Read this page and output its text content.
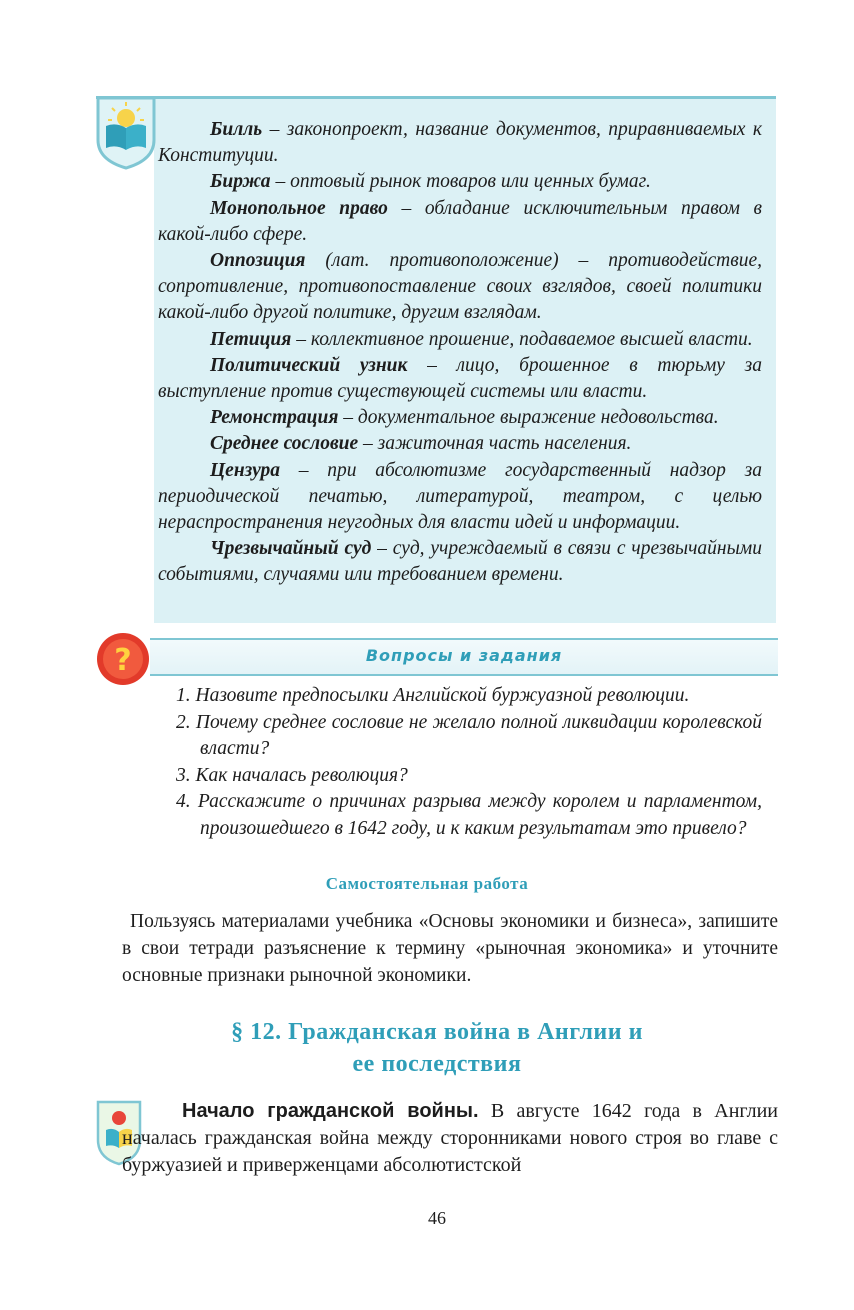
Билль – законопроект, название документов, приравниваемых к Конституции.

Биржа – оптовый рынок товаров или ценных бумаг.

Монопольное право – обладание исключительным правом в какой-либо сфере.

Оппозиция (лат. противоположение) – противодействие, сопротивление, противопоставление своих взглядов, своей политики какой-либо другой политике, другим взглядам.

Петиция – коллективное прошение, подаваемое высшей власти.

Политический узник – лицо, брошенное в тюрьму за выступление против существующей системы или власти.

Ремонстрация – документальное выражение недовольства.

Среднее сословие – зажиточная часть населения.

Цензура – при абсолютизме государственный надзор за периодической печатью, литературой, театром, с целью нераспространения неугодных для власти идей и информации.

Чрезвычайный суд – суд, учреждаемый в связи с чрезвычайными событиями, случаями или требованием времени.

?	Вопросы и задания
1. Назовите предпосылки Английской буржуазной революции.
2. Почему среднее сословие не желало полной ликвидации королевской власти?
3. Как началась революция?
4. Расскажите о причинах разрыва между королем и парламентом, произошедшего в 1642 году, и к каким результатам это привело?
Самостоятельная работа

Пользуясь материалами учебника «Основы экономики и бизнеса», запишите в свои тетради разъяснение к термину «рыночная экономика» и уточните основные признаки рыночной экономики.

§ 12. Гражданская война в Англии и
ее последствия

Начало гражданской войны. В августе 1642 года в Англии началась гражданская война между сторонниками нового строя во главе с буржуазией и приверженцами абсолютистской

46
